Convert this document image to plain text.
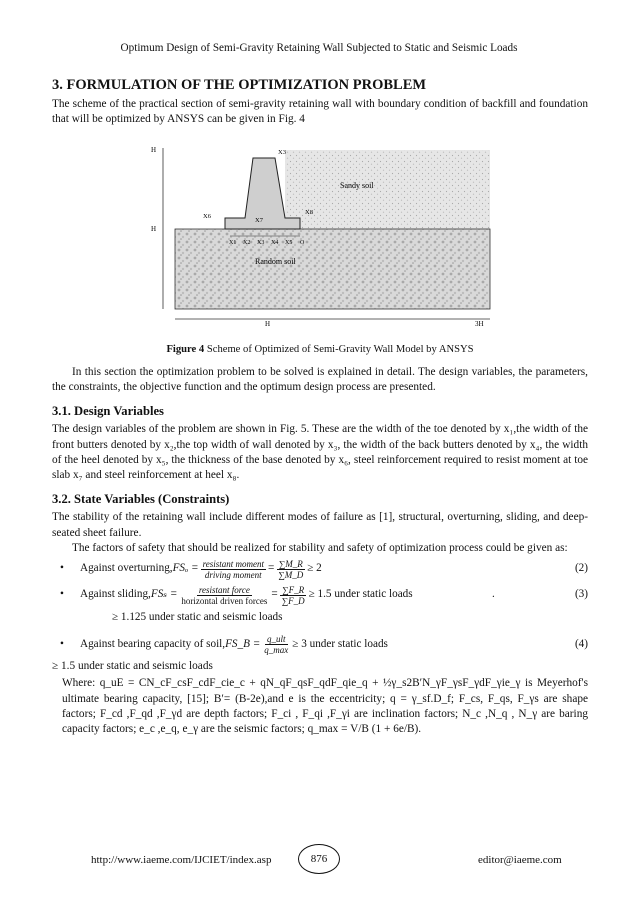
Optimum Design of Semi-Gravity Retaining Wall Subjected to Static and Seismic Loads
3. FORMULATION OF THE OPTIMIZATION PROBLEM

The scheme of the practical section of semi-gravity retaining wall with boundary condition of backfill and foundation that will be optimized by ANSYS can be given in Fig. 4

H
H
H	3H
X3
X6
X7
X8
X1 X2 X3 X4 X5 O
Sandy soil
Random soil
Figure 4 Scheme of Optimized of Semi-Gravity Wall Model by ANSYS

In this section the optimization problem to be solved is explained in detail. The design variables, the parameters, the constraints, the objective function and the optimum design process are presented.

3.1. Design Variables

The design variables of the problem are shown in Fig. 5. These are the width of the toe denoted by x₁,the width of the front butters denoted by x₂,the top width of wall denoted by x₃, the width of the back butters denoted by x₄, the width of the heel denoted by x₅, the thickness of the base denoted by x₆, steel reinforcement required to resist moment at toe slab x₇ and steel reinforcement at heel x₈.

3.2. State Variables (Constraints)

The stability of the retaining wall include different modes of failure as [1], structural, overturning, sliding, and deep-seated sheet failure.

The factors of safety that should be realized for stability and safety of optimization process could be given as:

•	Against overturning, $FS_o = \frac{\text{resistant moment}}{\text{driving moment}} = \frac{\sum M\_R}{\sum M\_D} \ge 2$	(2)
•	Against sliding, $FS_s = \frac{\text{resistant force}}{\text{horizontal driven forces}} = \frac{\sum F\_R}{\sum F\_D} \ge 1.5$ under static loads	.	(3)
≥ 1.125 under static and seismic loads
•	Against bearing capacity of soil, FS_B = $\frac{\text{q\_ult}}{q\_\max} \ge 3$ under static loads	(4)

≥ 1.5 under static and seismic loads

Where: q_uE = CN_cF_csF_cdF_cie_c + qN_qF_qsF_qdF_qie_q + ½γ_s2B′N_γF_γsF_γdF_γie_γ is Meyerhof's ultimate bearing capacity, [15]; B′= (B-2e),and e is the eccentricity; q = γ_sf.D_f; F_cs, F_qs, F_γs are shape factors; F_cd ,F_qd ,F_γd are depth factors; F_ci , F_qi ,F_γi are inclination factors; N_c ,N_q , N_γ are baring capacity factors; e_c ,e_q, e_γ are the seismic factors; q_max = V/B (1 + 6e/B).

http://www.iaeme.com/IJCIET/index.asp	876	editor@iaeme.com
